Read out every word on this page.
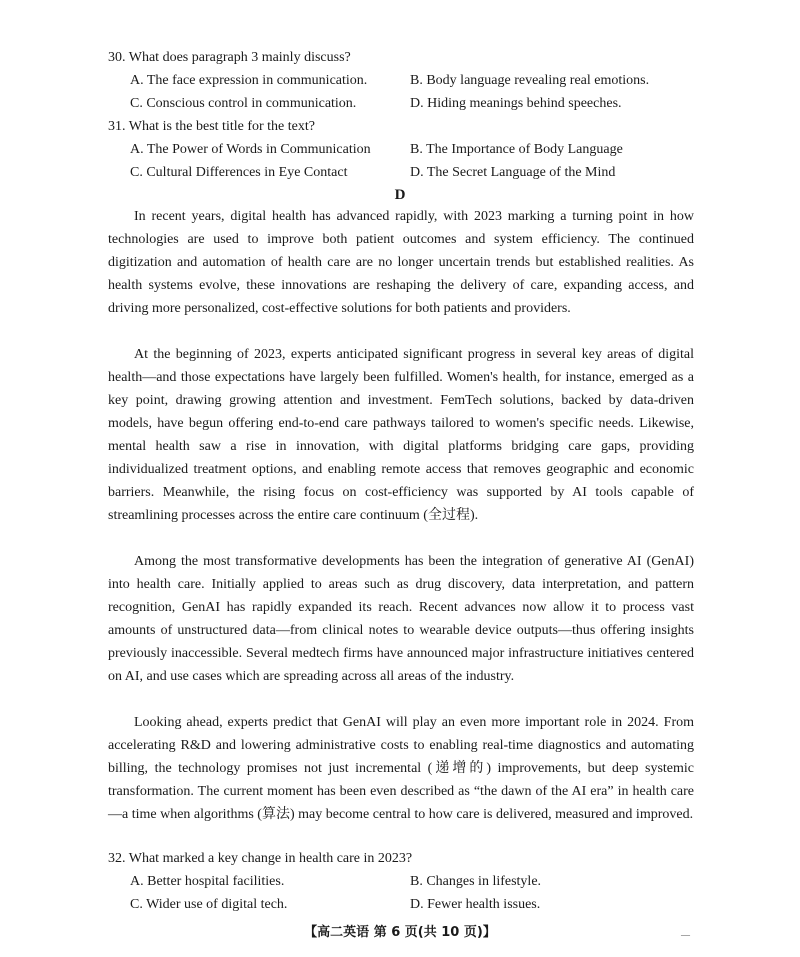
30. What does paragraph 3 mainly discuss?
A. The face expression in communication.	B. Body language revealing real emotions.
C. Conscious control in communication.	D. Hiding meanings behind speeches.
31. What is the best title for the text?
A. The Power of Words in Communication	B. The Importance of Body Language
C. Cultural Differences in Eye Contact	D. The Secret Language of the Mind
D

In recent years, digital health has advanced rapidly, with 2023 marking a turning point in how technologies are used to improve both patient outcomes and system efficiency. The continued digitization and automation of health care are no longer uncertain trends but established realities. As health systems evolve, these innovations are reshaping the delivery of care, expanding access, and driving more personalized, cost-effective solutions for both patients and providers.

At the beginning of 2023, experts anticipated significant progress in several key areas of digital health—and those expectations have largely been fulfilled. Women's health, for instance, emerged as a key point, drawing growing attention and investment. FemTech solutions, backed by data-driven models, have begun offering end-to-end care pathways tailored to women's specific needs. Likewise, mental health saw a rise in innovation, with digital platforms bridging care gaps, providing individualized treatment options, and enabling remote access that removes geographic and economic barriers. Meanwhile, the rising focus on cost-efficiency was supported by AI tools capable of streamlining processes across the entire care continuum (全过程).

Among the most transformative developments has been the integration of generative AI (GenAI) into health care. Initially applied to areas such as drug discovery, data interpretation, and pattern recognition, GenAI has rapidly expanded its reach. Recent advances now allow it to process vast amounts of unstructured data—from clinical notes to wearable device outputs—thus offering insights previously inaccessible. Several medtech firms have announced major infrastructure initiatives centered on AI, and use cases which are spreading across all areas of the industry.

Looking ahead, experts predict that GenAI will play an even more important role in 2024. From accelerating R&D and lowering administrative costs to enabling real-time diagnostics and automating billing, the technology promises not just incremental (递增的) improvements, but deep systemic transformation. The current moment has been even described as “the dawn of the AI era” in health care—a time when algorithms (算法) may become central to how care is delivered, measured and improved.

32. What marked a key change in health care in 2023?
A. Better hospital facilities.	B. Changes in lifestyle.
C. Wider use of digital tech.	D. Fewer health issues.
【高二英语 第 6 页(共 10 页)】	—
